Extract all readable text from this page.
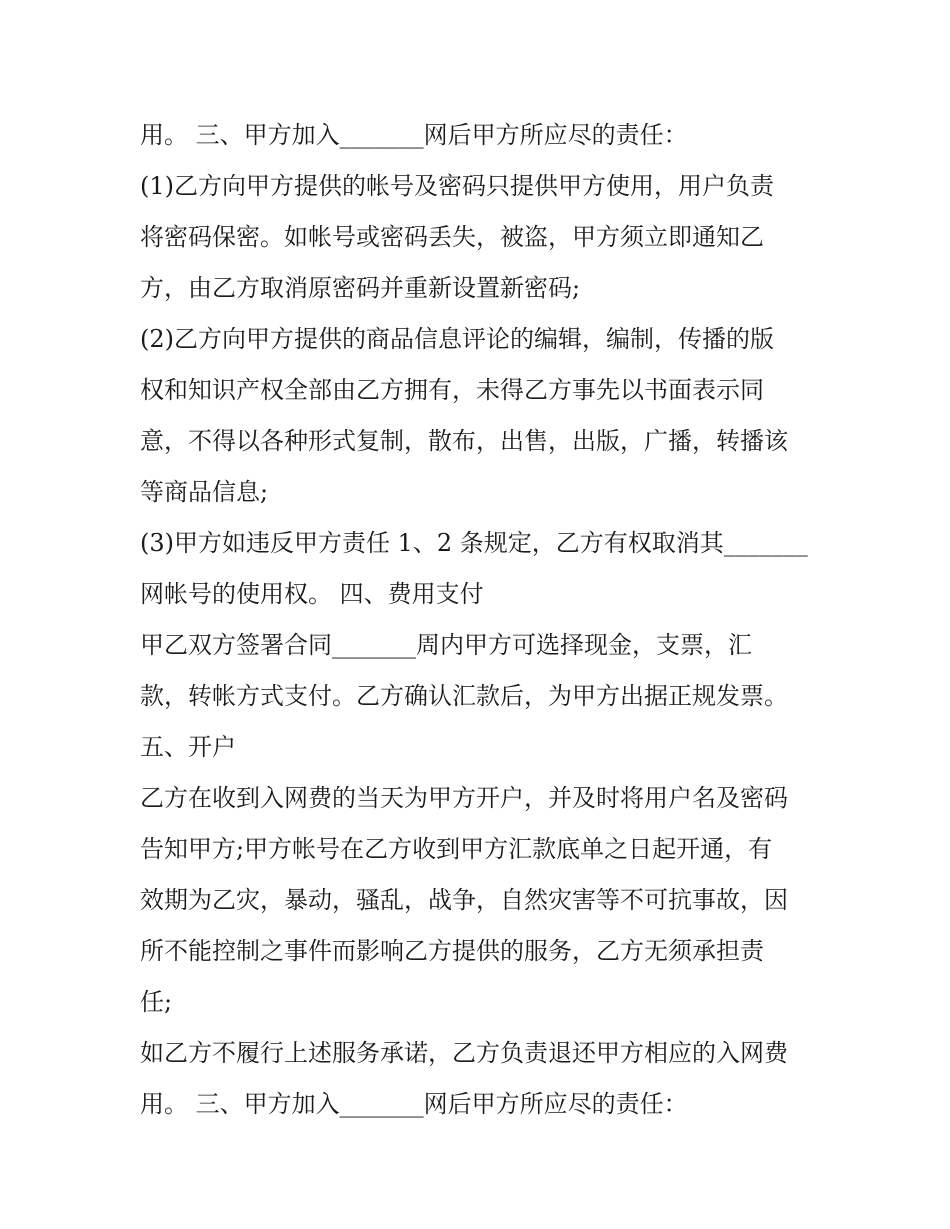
用。 三、甲方加入_______网后甲方所应尽的责任：
(1)乙方向甲方提供的帐号及密码只提供甲方使用，用户负责
将密码保密。如帐号或密码丢失，被盗，甲方须立即通知乙
方，由乙方取消原密码并重新设置新密码;
(2)乙方向甲方提供的商品信息评论的编辑，编制，传播的版
权和知识产权全部由乙方拥有，未得乙方事先以书面表示同
意，不得以各种形式复制，散布，出售，出版，广播，转播该
等商品信息;
(3)甲方如违反甲方责任 1、2 条规定，乙方有权取消其_______
网帐号的使用权。 四、费用支付
甲乙双方签署合同_______周内甲方可选择现金，支票，汇
款，转帐方式支付。乙方确认汇款后，为甲方出据正规发票。
五、开户
乙方在收到入网费的当天为甲方开户，并及时将用户名及密码
告知甲方;甲方帐号在乙方收到甲方汇款底单之日起开通，有
效期为乙灾，暴动，骚乱，战争，自然灾害等不可抗事故，因
所不能控制之事件而影响乙方提供的服务，乙方无须承担责
任;
如乙方不履行上述服务承诺，乙方负责退还甲方相应的入网费
用。 三、甲方加入_______网后甲方所应尽的责任：
